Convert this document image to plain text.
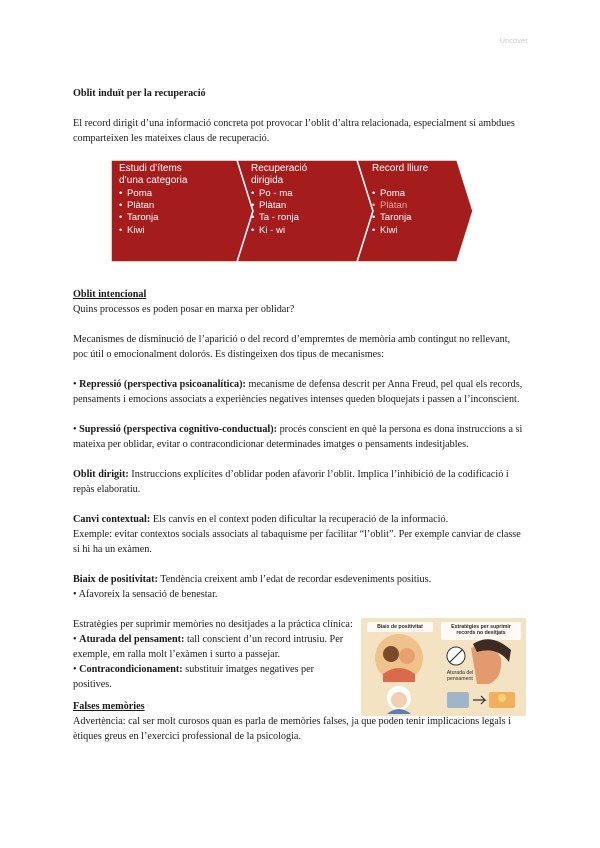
Uncover

Oblit induït per la recuperació

El record dirigit d’una informació concreta pot provocar l’oblit d’altra relacionada, especialment si ambdues comparteixen les mateixes claus de recuperació.

Estudi d’ítems
d’una categoria
• Poma
• Plàtan
• Taronja
• Kiwi
Recuperació
dirigida
• Po - ma
• Plàtan
• Ta - ronja
• Ki - wi
Record lliure
• Poma
• Plàtan
• Taronja
• Kiwi

Oblit intencional

Quins processos es poden posar en marxa per oblidar?

Mecanismes de disminució de l’aparició o del record d’empremtes de memòria amb contingut no rellevant, poc útil o emocionalment dolorós. Es distingeixen dos tipus de mecanismes:

• Repressió (perspectiva psicoanalítica): mecanisme de defensa descrit per Anna Freud, pel qual els records, pensaments i emocions associats a experiències negatives intenses queden bloquejats i passen a l’inconscient.

• Supressió (perspectiva cognitivo-conductual): procés conscient en què la persona es dona instruccions a si mateixa per oblidar, evitar o contracondicionar determinades imatges o pensaments indesitjables.

Oblit dirigit: Instruccions explícites d’oblidar poden afavorir l’oblit. Implica l’inhibició de la codificació i repàs elaboratiu.

Canvi contextual: Els canvis en el context poden dificultar la recuperació de la informació.

Exemple: evitar contextos socials associats al tabaquisme per facilitar “l’oblit”. Per exemple canviar de classe si hi ha un exàmen.

Biaix de positivitat: Tendència creixent amb l’edat de recordar esdeveniments positius.

• Afavoreix la sensació de benestar.

Estratègies per suprimir memòries no desitjades a la pràctica clínica:

• Aturada del pensament: tall conscient d’un record intrusiu. Per exemple, em ralla molt l’exàmen i surto a passejar.

• Contracondicionament: substituir imatges negatives per positives.

Falses memòries

Advertència: cal ser molt curosos quan es parla de memòries falses, ja que poden tenir implicacions legals i ètiques greus en l’exercici professional de la psicologia.

Biaix de positivitat	Estratègies per suprimir records no desitjats
Aturada del pensament
